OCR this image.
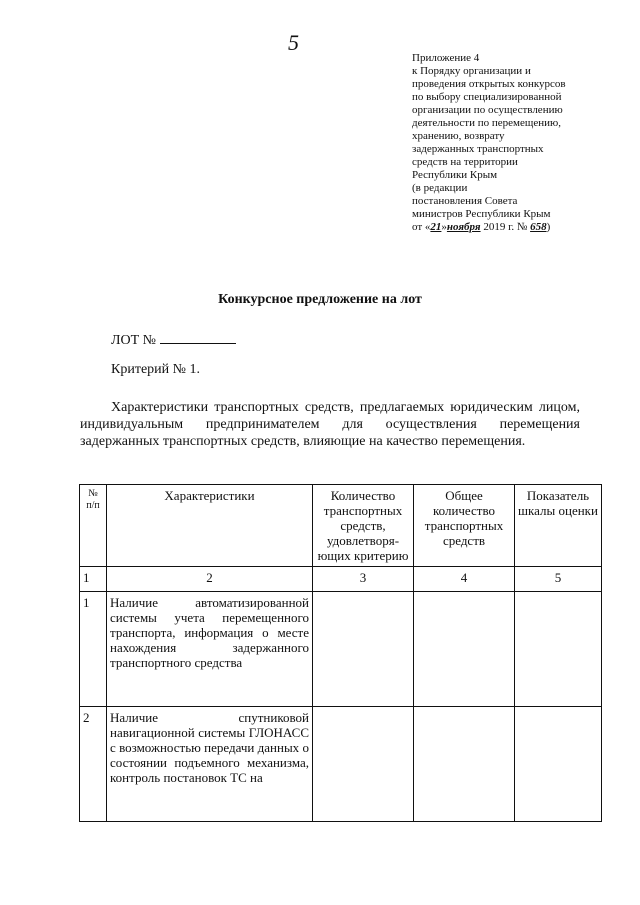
5
Приложение 4
к Порядку организации и
проведения открытых конкурсов
по выбору специализированной
организации по осуществлению
деятельности по перемещению,
хранению, возврату
задержанных транспортных
средств на территории
Республики Крым
(в редакции
постановления Совета
министров Республики Крым
от «21»ноября 2019 г. № 658)
Конкурсное предложение на лот
ЛОТ №
Критерий № 1.
Характеристики транспортных средств, предлагаемых юридическим лицом, индивидуальным предпринимателем для осуществления перемещения задержанных транспортных средств, влияющие на качество перемещения.
№ п/п	Характеристики	Количество транспортных средств, удовлетворя-ющих критерию	Общее количество транспортных средств	Показатель шкалы оценки
1	2	3	4	5
1	Наличие автоматизированной системы учета перемещенного транспорта, информация о месте нахождения задержанного транспортного средства			
2	Наличие спутниковой навигационной системы ГЛОНАСС с возможностью передачи данных о состоянии подъемного механизма, контроль постановок ТС на			
